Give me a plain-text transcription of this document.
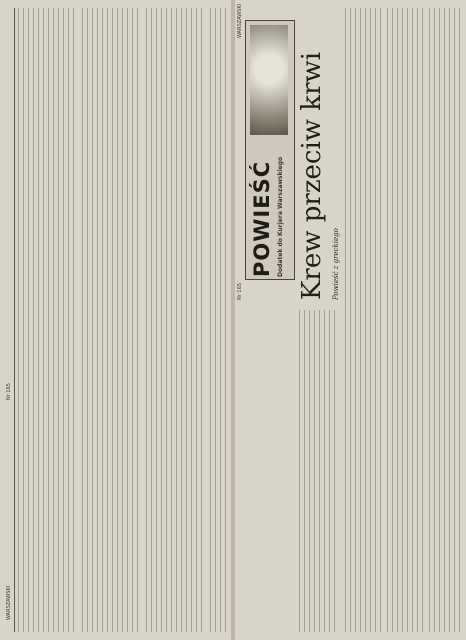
WARSZAWSKI
Nr 165
WARSZAWSKI
Nr 165
POWIEŚĆ Dodatek do Kurjera Warszawskiego Krew przeciw krwi Powieść z greckiego
